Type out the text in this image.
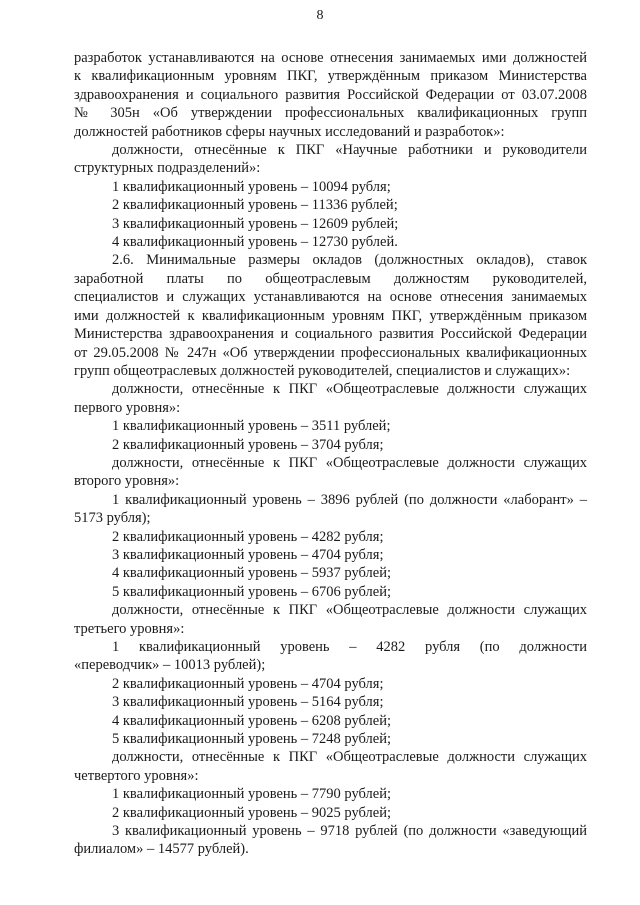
8

разработок устанавливаются на основе отнесения занимаемых ими должностей

к квалификационным уровням ПКГ, утверждённым приказом Министерства

здравоохранения и социального развития Российской Федерации от 03.07.2008

№ 305н «Об утверждении профессиональных квалификационных групп

должностей работников сферы научных исследований и разработок»:

должности, отнесённые к ПКГ «Научные работники и руководители

структурных подразделений»:

1 квалификационный уровень – 10094 рубля;

2 квалификационный уровень – 11336 рублей;

3 квалификационный уровень – 12609 рублей;

4 квалификационный уровень – 12730 рублей.

2.6. Минимальные размеры окладов (должностных окладов), ставок

заработной платы по общеотраслевым должностям руководителей,

специалистов и служащих устанавливаются на основе отнесения занимаемых

ими должностей к квалификационным уровням ПКГ, утверждённым приказом

Министерства здравоохранения и социального развития Российской Федерации

от 29.05.2008 № 247н «Об утверждении профессиональных квалификационных

групп общеотраслевых должностей руководителей, специалистов и служащих»:

должности, отнесённые к ПКГ «Общеотраслевые должности служащих

первого уровня»:

1 квалификационный уровень – 3511 рублей;

2 квалификационный уровень – 3704 рубля;

должности, отнесённые к ПКГ «Общеотраслевые должности служащих

второго уровня»:

1 квалификационный уровень – 3896 рублей (по должности «лаборант» –

5173 рубля);

2 квалификационный уровень – 4282 рубля;

3 квалификационный уровень – 4704 рубля;

4 квалификационный уровень – 5937 рублей;

5 квалификационный уровень – 6706 рублей;

должности, отнесённые к ПКГ «Общеотраслевые должности служащих

третьего уровня»:

1 квалификационный уровень – 4282 рубля (по должности

«переводчик» – 10013 рублей);

2 квалификационный уровень – 4704 рубля;

3 квалификационный уровень – 5164 рубля;

4 квалификационный уровень – 6208 рублей;

5 квалификационный уровень – 7248 рублей;

должности, отнесённые к ПКГ «Общеотраслевые должности служащих

четвертого уровня»:

1 квалификационный уровень – 7790 рублей;

2 квалификационный уровень – 9025 рублей;

3 квалификационный уровень – 9718 рублей (по должности «заведующий

филиалом» – 14577 рублей).
